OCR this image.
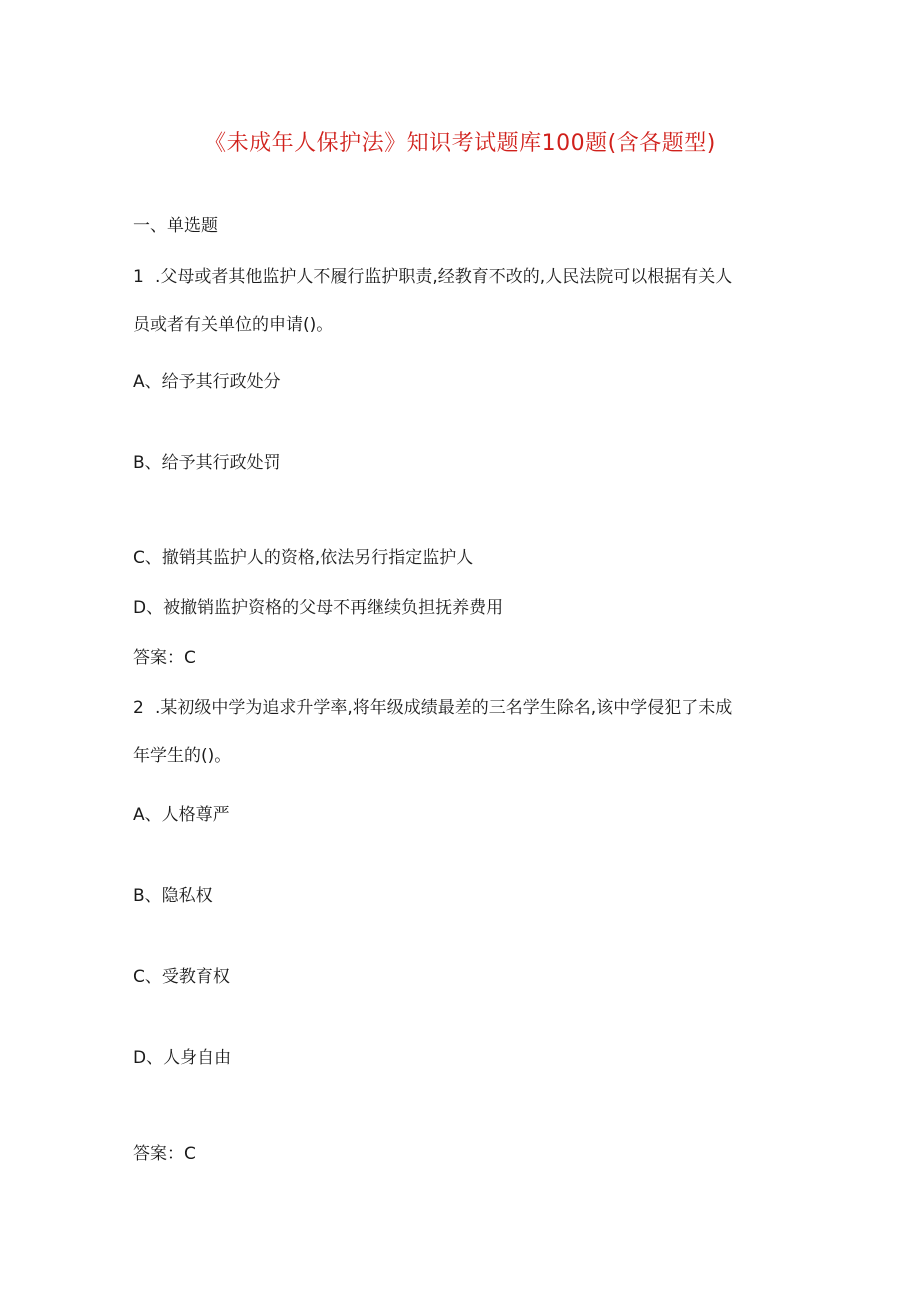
《未成年人保护法》知识考试题库100题(含各题型)
一、单选题
1 .父母或者其他监护人不履行监护职责,经教育不改的,人民法院可以根据有关人
员或者有关单位的申请()。
A、给予其行政处分
B、给予其行政处罚
C、撤销其监护人的资格,依法另行指定监护人
D、被撤销监护资格的父母不再继续负担抚养费用
答案：C
2 .某初级中学为追求升学率,将年级成绩最差的三名学生除名,该中学侵犯了未成
年学生的()。
A、人格尊严
B、隐私权
C、受教育权
D、人身自由
答案：C
